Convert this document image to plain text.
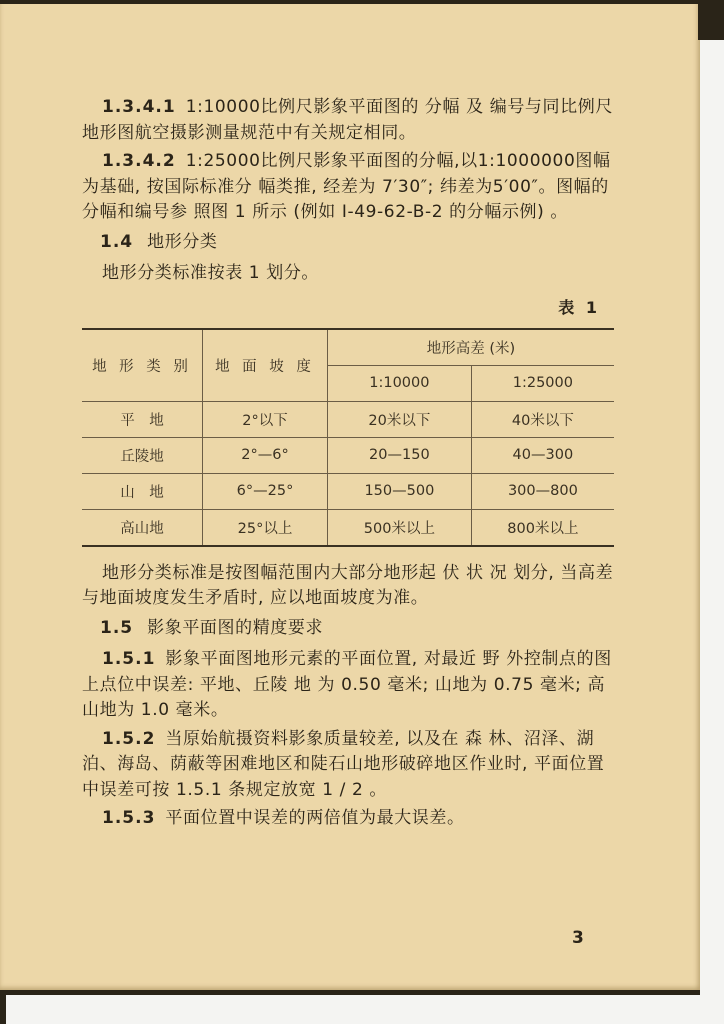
1.3.4.1 1:10000比例尺影象平面图的 分幅 及 编号与同比例尺地形图航空摄影测量规范中有关规定相同。

1.3.4.2 1:25000比例尺影象平面图的分幅,以1:1000000图幅为基础, 按国际标准分 幅类推, 经差为 7′30″; 纬差为5′00″。图幅的分幅和编号参 照图 1 所示 (例如 I-49-62-B-2 的分幅示例) 。

1.4 地形分类

地形分类标准按表 1 划分。

表 1
地 形 类 别	地 面 坡 度	地形高差 (米)	
		1:10000	1:25000
平　地	2°以下	20米以下	40米以下
丘陵地	2°—6°	20—150	40—300
山　地	6°—25°	150—500	300—800
高山地	25°以上	500米以上	800米以上

地形分类标准是按图幅范围内大部分地形起 伏 状 况 划分, 当高差与地面坡度发生矛盾时, 应以地面坡度为准。

1.5 影象平面图的精度要求

1.5.1 影象平面图地形元素的平面位置, 对最近 野 外控制点的图上点位中误差: 平地、丘陵 地 为 0.50 毫米; 山地为 0.75 毫米; 高山地为 1.0 毫米。

1.5.2 当原始航摄资料影象质量较差, 以及在 森 林、沼泽、湖泊、海岛、荫蔽等困难地区和陡石山地形破碎地区作业时, 平面位置中误差可按 1.5.1 条规定放宽 1 / 2 。

1.5.3 平面位置中误差的两倍值为最大误差。

3
